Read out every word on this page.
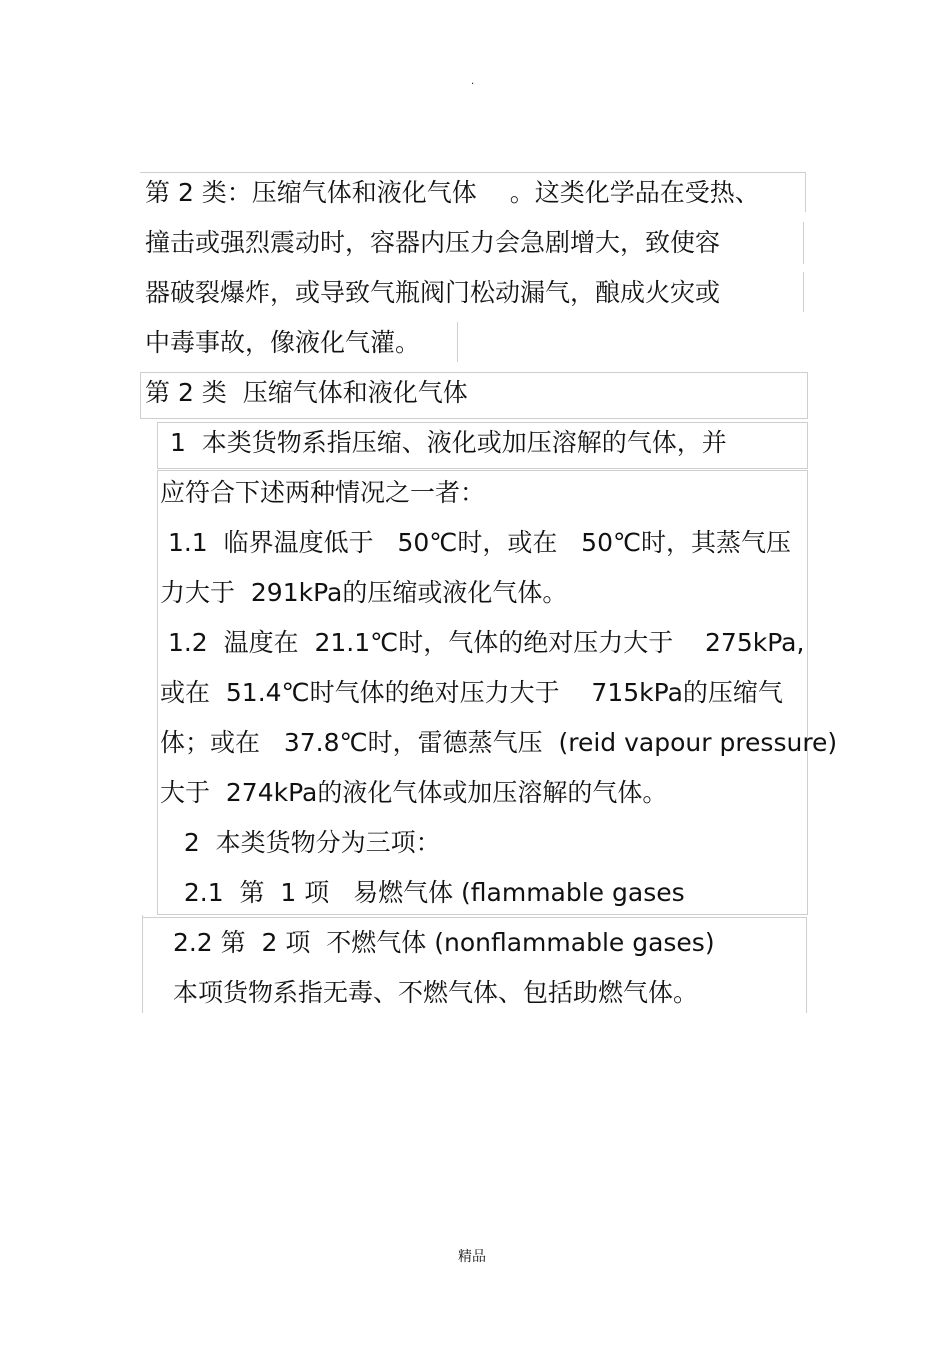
·
第 2 类：压缩气体和液化气体　 。这类化学品在受热、
撞击或强烈震动时，容器内压力会急剧增大，致使容
器破裂爆炸，或导致气瓶阀门松动漏气，酿成火灾或
中毒事故，像液化气灌。
第 2 类  压缩气体和液化气体
1  本类货物系指压缩、液化或加压溶解的气体，并
应符合下述两种情况之一者：
1.1  临界温度低于   50℃时，或在   50℃时，其蒸气压
力大于  291kPa的压缩或液化气体。
1.2  温度在  21.1℃时，气体的绝对压力大于    275kPa,
或在  51.4℃时气体的绝对压力大于    715kPa的压缩气
体；或在   37.8℃时，雷德蒸气压  (reid vapour pressure)
大于  274kPa的液化气体或加压溶解的气体。
2  本类货物分为三项：
2.1  第  1 项   易燃气体 (flammable gases
2.2 第  2 项  不燃气体 (nonflammable gases)
本项货物系指无毒、不燃气体、包括助燃气体。
精品
